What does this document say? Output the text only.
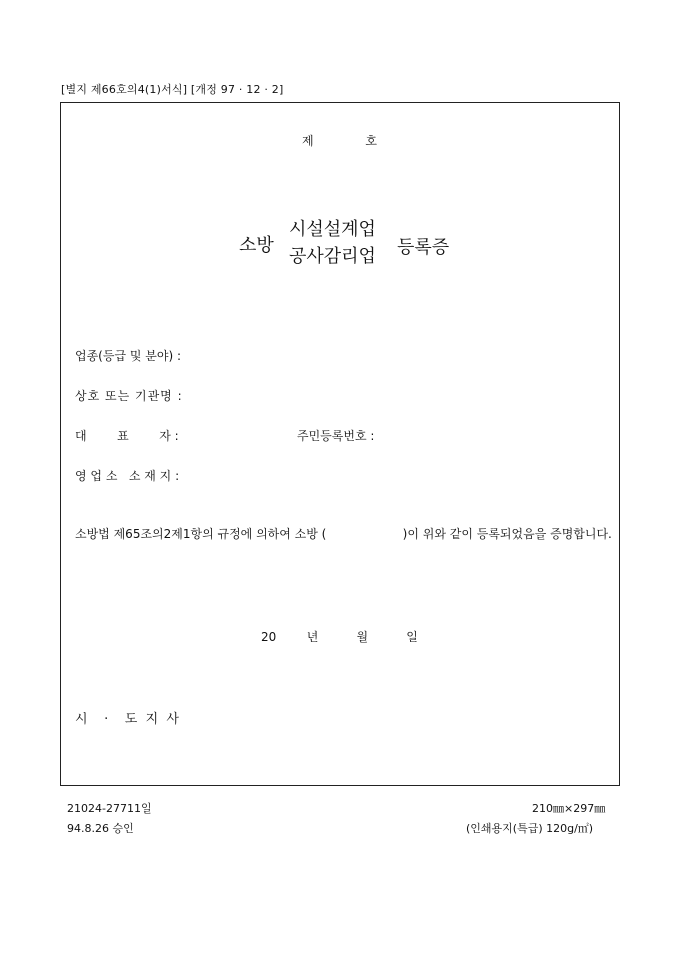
[별지 제66호의4(1)서식] [개정 97 · 12 · 2]
제 호
소방
시설설계업
공사감리업 등록증
업종(등급 및 분야) :
상호 또는 기관명 :
대        표        자 :	주민등록번호 :
영 업 소   소 재 지 :
소방법 제65조의2제1항의 규정에 의하여 소방 (                    )이 위와 같이 등록되었음을 증명합니다.
20        년          월          일
시    ·    도  지  사
21024-27711일
94.8.26 승인
210㎜×297㎜
(인쇄용지(특급) 120g/㎡)
